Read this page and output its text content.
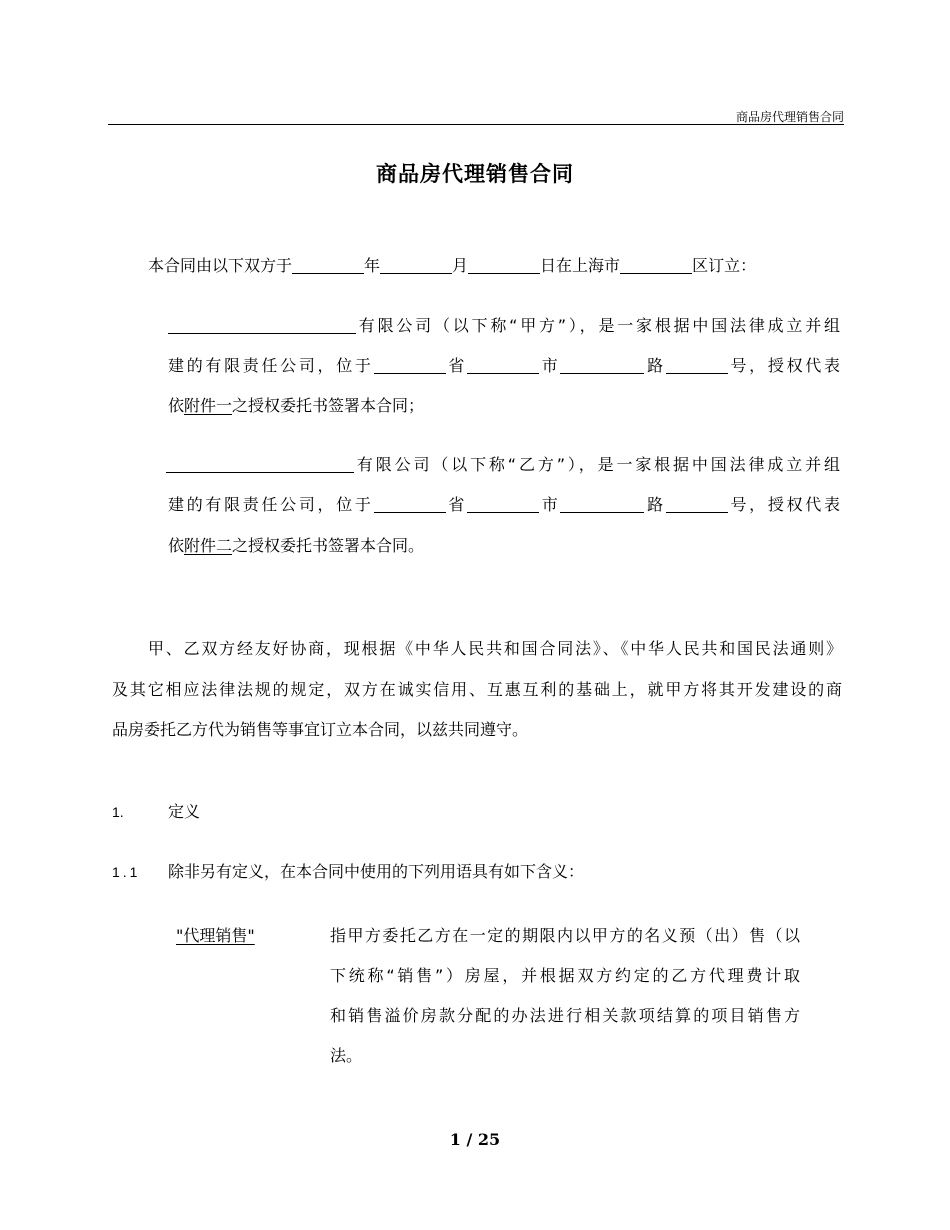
商品房代理销售合同
商品房代理销售合同
本合同由以下双方于	年	月	日在上海市	区订立：
有限公司（以下称“甲方”），是一家根据中国法律成立并组
建的有限责任公司，位于	省	市	路	号，授权代表
依附件一之授权委托书签署本合同；
有限公司（以下称“乙方”），是一家根据中国法律成立并组
建的有限责任公司，位于	省	市	路	号，授权代表
依附件二之授权委托书签署本合同。
甲、乙双方经友好协商，现根据《中华人民共和国合同法》、《中华人民共和国民法通则》
及其它相应法律法规的规定，双方在诚实信用、互惠互利的基础上，就甲方将其开发建设的商
品房委托乙方代为销售等事宜订立本合同，以兹共同遵守。
1.	定义
1.1 除非另有定义，在本合同中使用的下列用语具有如下含义：
"代理销售"	指甲方委托乙方在一定的期限内以甲方的名义预（出）售（以
下统称“销售”）房屋，并根据双方约定的乙方代理费计取
和销售溢价房款分配的办法进行相关款项结算的项目销售方
法。
1 / 25
